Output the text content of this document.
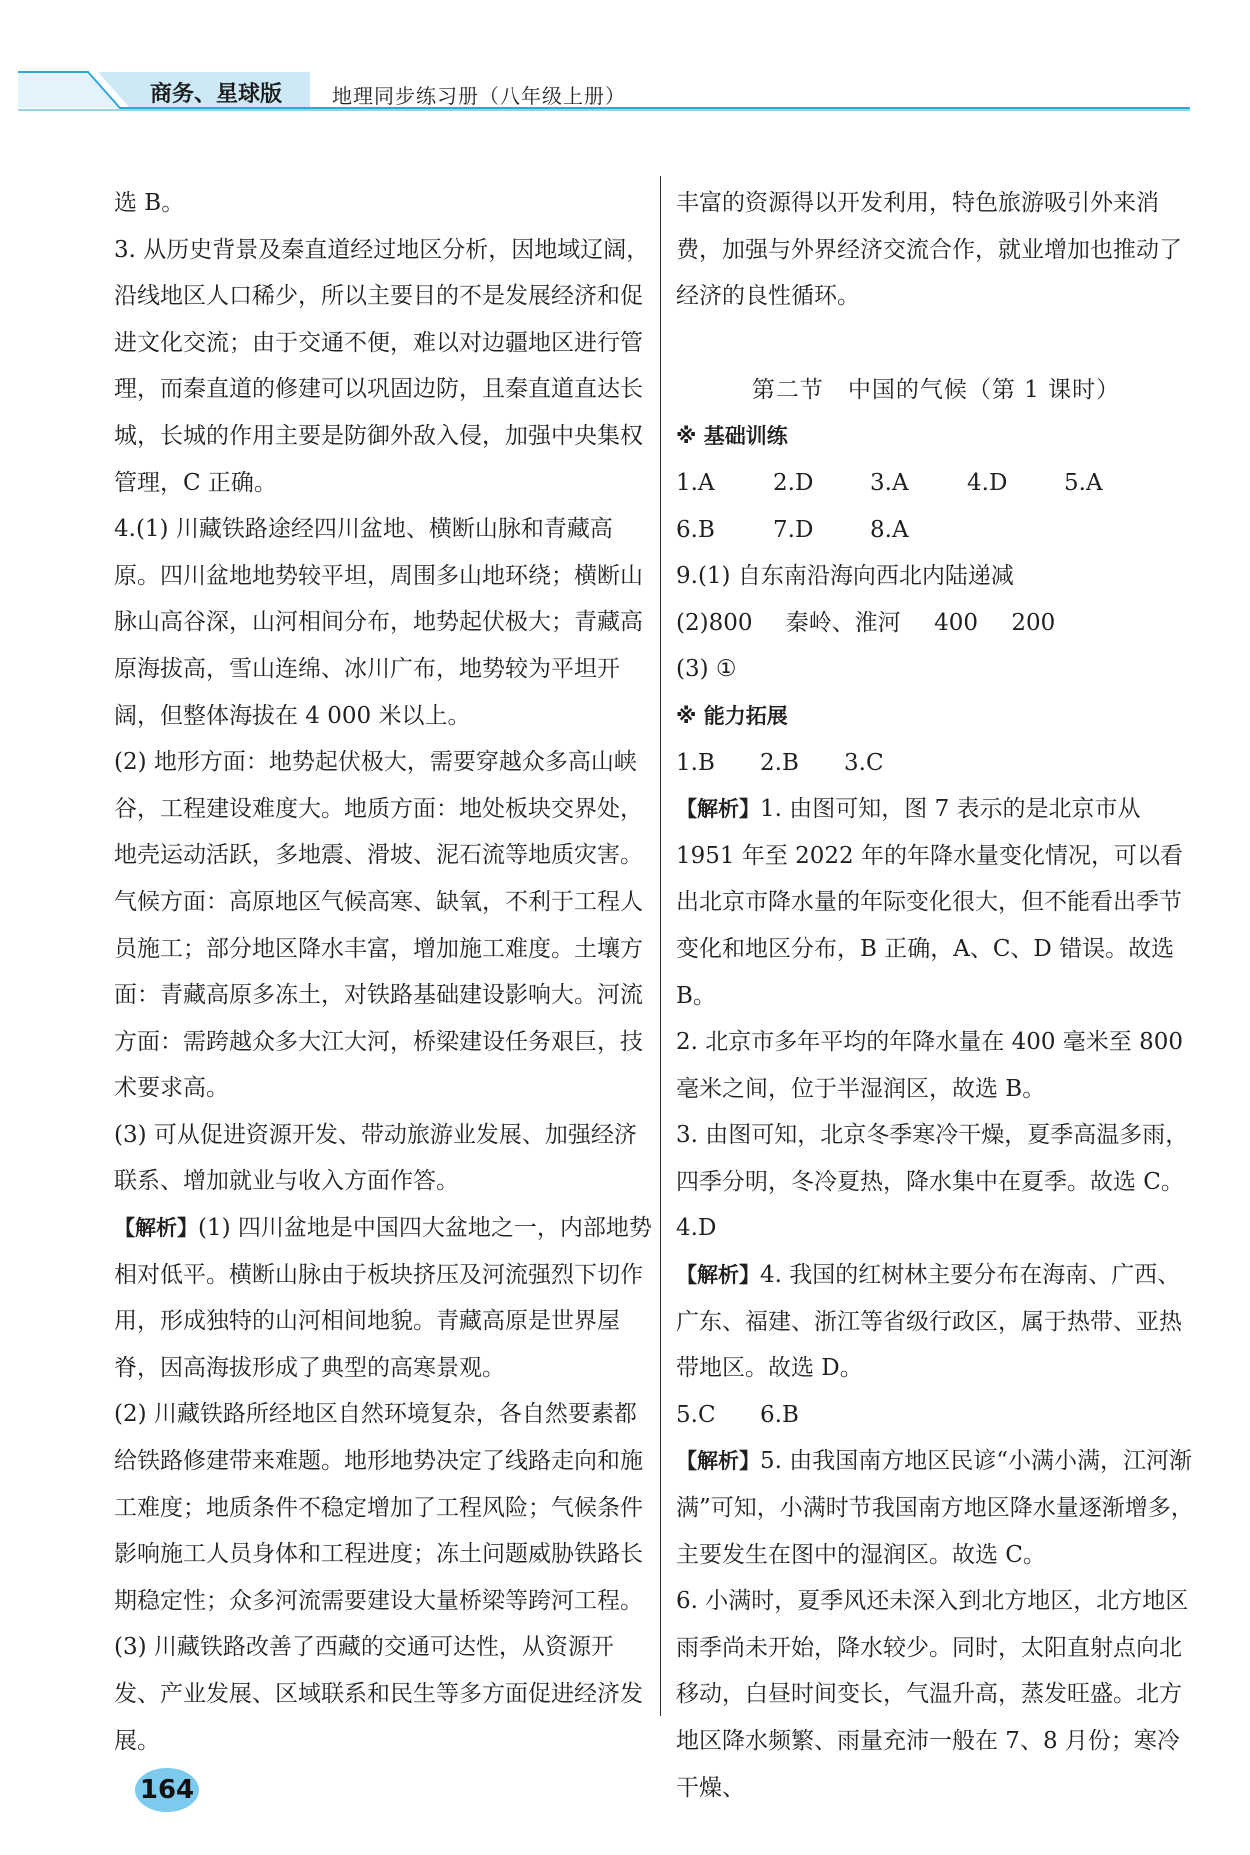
商务、星球版 地理同步练习册（八年级上册）

选 B。

3. 从历史背景及秦直道经过地区分析，因地域辽阔，沿线地区人口稀少，所以主要目的不是发展经济和促进文化交流；由于交通不便，难以对边疆地区进行管理，而秦直道的修建可以巩固边防，且秦直道直达长城，长城的作用主要是防御外敌入侵，加强中央集权管理，C 正确。

4.(1) 川藏铁路途经四川盆地、横断山脉和青藏高原。四川盆地地势较平坦，周围多山地环绕；横断山脉山高谷深，山河相间分布，地势起伏极大；青藏高原海拔高，雪山连绵、冰川广布，地势较为平坦开阔，但整体海拔在 4 000 米以上。

(2) 地形方面：地势起伏极大，需要穿越众多高山峡谷，工程建设难度大。地质方面：地处板块交界处，地壳运动活跃，多地震、滑坡、泥石流等地质灾害。气候方面：高原地区气候高寒、缺氧，不利于工程人员施工；部分地区降水丰富，增加施工难度。土壤方面：青藏高原多冻土，对铁路基础建设影响大。河流方面：需跨越众多大江大河，桥梁建设任务艰巨，技术要求高。

(3) 可从促进资源开发、带动旅游业发展、加强经济联系、增加就业与收入方面作答。

【解析】(1) 四川盆地是中国四大盆地之一，内部地势相对低平。横断山脉由于板块挤压及河流强烈下切作用，形成独特的山河相间地貌。青藏高原是世界屋脊，因高海拔形成了典型的高寒景观。

(2) 川藏铁路所经地区自然环境复杂，各自然要素都给铁路修建带来难题。地形地势决定了线路走向和施工难度；地质条件不稳定增加了工程风险；气候条件影响施工人员身体和工程进度；冻土问题威胁铁路长期稳定性；众多河流需要建设大量桥梁等跨河工程。

(3) 川藏铁路改善了西藏的交通可达性，从资源开发、产业发展、区域联系和民生等多方面促进经济发展。

丰富的资源得以开发利用，特色旅游吸引外来消费，加强与外界经济交流合作，就业增加也推动了经济的良性循环。

第二节　中国的气候（第 1 课时）

※ 基础训练

1.A	2.D	3.A	4.D	5.A
6.B	7.D	8.A

9.(1) 自东南沿海向西北内陆递减

(2)800 秦岭、淮河 400 200

(3) ①

※ 能力拓展

1.B	2.B	3.C

【解析】1. 由图可知，图 7 表示的是北京市从 1951 年至 2022 年的年降水量变化情况，可以看出北京市降水量的年际变化很大，但不能看出季节变化和地区分布，B 正确，A、C、D 错误。故选 B。

2. 北京市多年平均的年降水量在 400 毫米至 800 毫米之间，位于半湿润区，故选 B。

3. 由图可知，北京冬季寒冷干燥，夏季高温多雨，四季分明，冬冷夏热，降水集中在夏季。故选 C。

4.D

【解析】4. 我国的红树林主要分布在海南、广西、广东、福建、浙江等省级行政区，属于热带、亚热带地区。故选 D。

5.C	6.B

【解析】5. 由我国南方地区民谚“小满小满，江河渐满”可知，小满时节我国南方地区降水量逐渐增多，主要发生在图中的湿润区。故选 C。

6. 小满时，夏季风还未深入到北方地区，北方地区雨季尚未开始，降水较少。同时，太阳直射点向北移动，白昼时间变长，气温升高，蒸发旺盛。北方地区降水频繁、雨量充沛一般在 7、8 月份；寒冷干燥、

164
